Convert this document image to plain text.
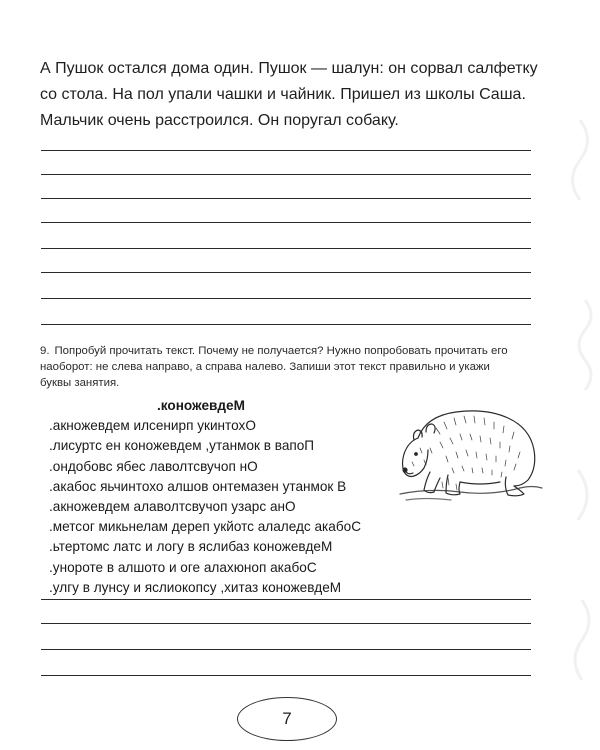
А Пушок остался дома один. Пушок — шалун: он сорвал салфетку

со стола. На пол упали чашки и чайник. Пришел из школы Саша.

Мальчик очень расстроился. Он поругал собаку.

9. Попробуй прочитать текст. Почему не получается? Нужно попробовать прочитать его

наоборот: не слева направо, а справа налево. Запиши этот текст правильно и укажи

буквы занятия.

.коножевдеМ
.акножевдем илсенирп укинтохО
.лисуртс ен коножевдем ,утанмок в вапоП
.ондобовс ябес лаволтсвучоп нО
.акабос яьчинтохо алшов онтемазен утанмок В
.акножевдем алаволтсвучоп узарс анО
.метсог микьнелам дереп укйотс алаледс акабоС
.ьтертомс латс и логу в яслибаз коножевдеМ
.унороте в алшото и оге алахюноп акабоС
.улгу в лунсу и яслиокопсу ,хитаз коножевдеМ
7
